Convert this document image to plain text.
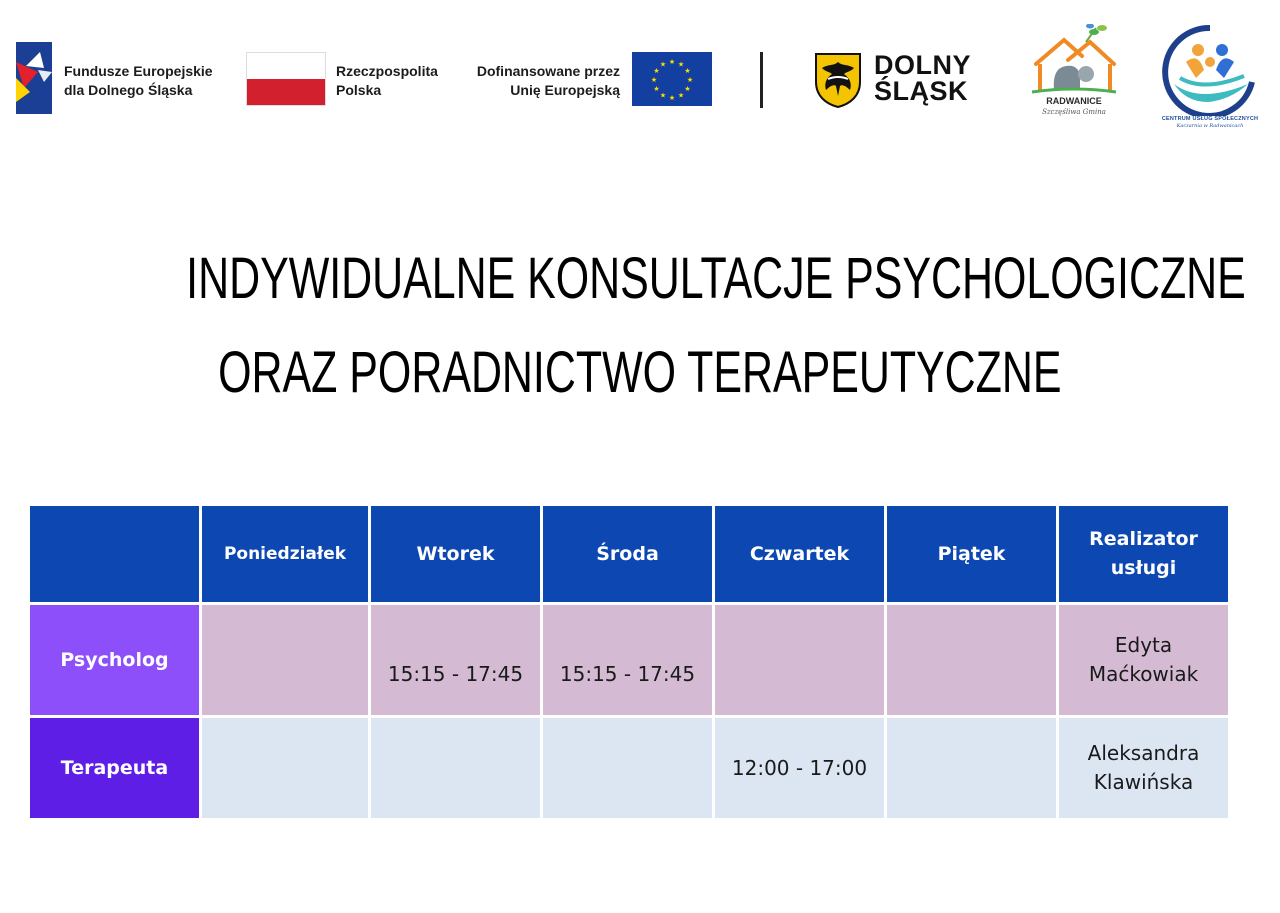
Fundusze Europejskie
dla Dolnego Śląska
Rzeczpospolita
Polska
Dofinansowane przez
Unię Europejską
★ ★
★
★
★
★
★
★
★
★
★
★	DOLNY
ŚLĄSK	RADWANICE
Szczęśliwa Gmina
CENTRUM USŁUG SPOŁECZNYCH
Kaczarnia w Radwanicach
INDYWIDUALNE KONSULTACJE PSYCHOLOGICZNE
ORAZ PORADNICTWO TERAPEUTYCZNE
	Poniedziałek	Wtorek	Środa	Czwartek	Piątek	Realizator
usługi

Psycholog		15:15 - 17:45	15:15 - 17:45			Edyta
Maćkowiak

Terapeuta				12:00 - 17:00		Aleksandra
Klawińska
